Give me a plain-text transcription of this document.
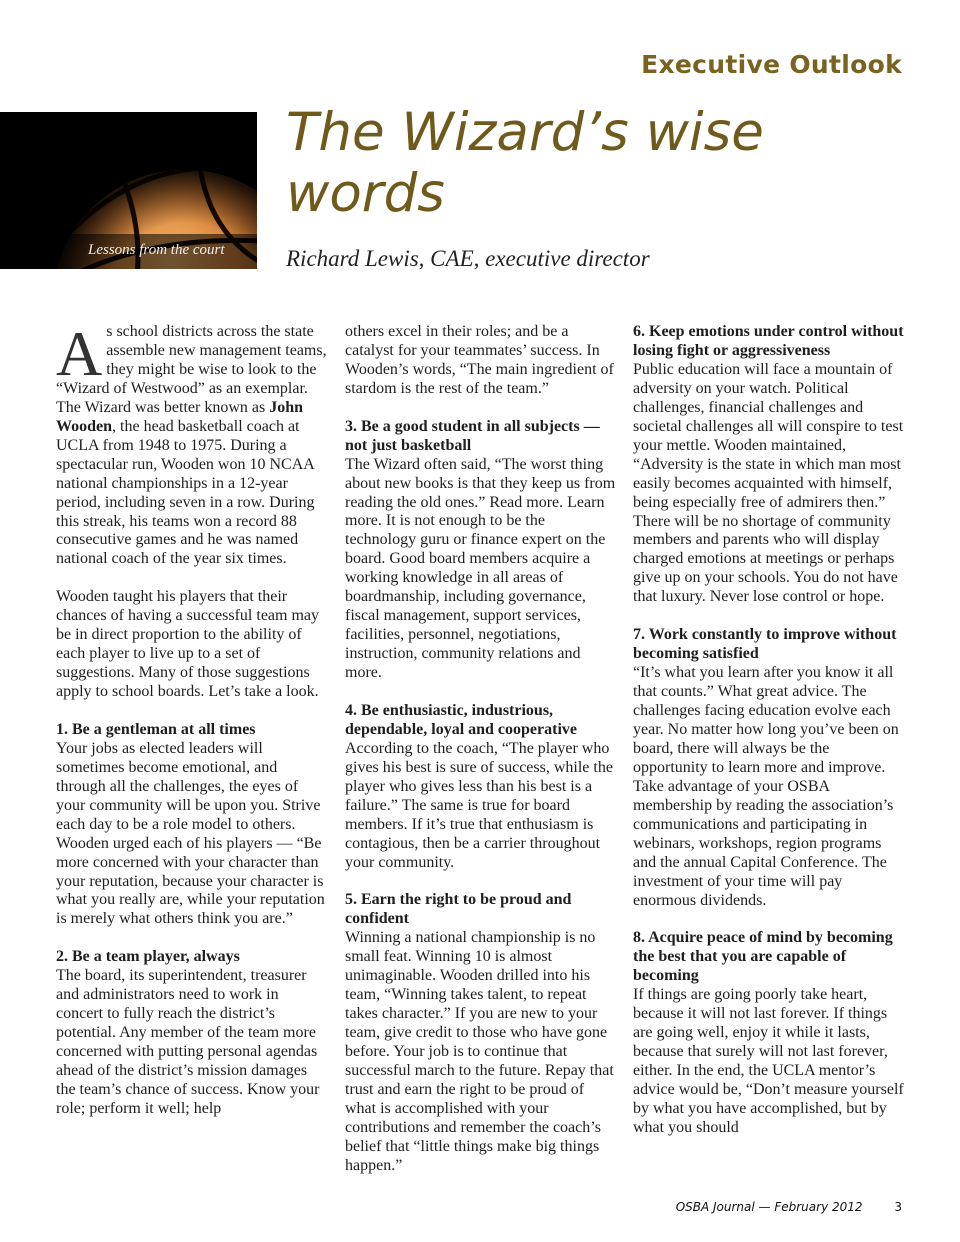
Executive Outlook
Lessons from the court
The Wizard’s wise words
Richard Lewis, CAE, executive director

As school districts across the state assemble new management teams, they might be wise to look to the “Wizard of Westwood” as an exemplar. The Wizard was better known as John Wooden, the head basketball coach at UCLA from 1948 to 1975. During a spectacular run, Wooden won 10 NCAA national championships in a 12-year period, including seven in a row. During this streak, his teams won a record 88 consecutive games and he was named national coach of the year six times.

Wooden taught his players that their chances of having a successful team may be in direct proportion to the ability of each player to live up to a set of suggestions. Many of those suggestions apply to school boards. Let’s take a look.

1. Be a gentleman at all times

Your jobs as elected leaders will sometimes become emotional, and through all the challenges, the eyes of your community will be upon you. Strive each day to be a role model to others. Wooden urged each of his players — “Be more concerned with your character than your reputation, because your character is what you really are, while your reputation is merely what others think you are.”

2. Be a team player, always

The board, its superintendent, treasurer and administrators need to work in concert to fully reach the district’s potential. Any member of the team more concerned with putting personal agendas ahead of the district’s mission damages the team’s chance of success. Know your role; perform it well; help

others excel in their roles; and be a catalyst for your teammates’ success. In Wooden’s words, “The main ingredient of stardom is the rest of the team.”

3. Be a good student in all subjects — not just basketball

The Wizard often said, “The worst thing about new books is that they keep us from reading the old ones.” Read more. Learn more. It is not enough to be the technology guru or finance expert on the board. Good board members acquire a working knowledge in all areas of boardmanship, including governance, fiscal management, support services, facilities, personnel, negotiations, instruction, community relations and more.

4. Be enthusiastic, industrious, dependable, loyal and cooperative

According to the coach, “The player who gives his best is sure of success, while the player who gives less than his best is a failure.” The same is true for board members. If it’s true that enthusiasm is contagious, then be a carrier throughout your community.

5. Earn the right to be proud and confident

Winning a national championship is no small feat. Winning 10 is almost unimaginable. Wooden drilled into his team, “Winning takes talent, to repeat takes character.” If you are new to your team, give credit to those who have gone before. Your job is to continue that successful march to the future. Repay that trust and earn the right to be proud of what is accomplished with your contributions and remember the coach’s belief that “little things make big things happen.”

6. Keep emotions under control without losing fight or aggressiveness

Public education will face a mountain of adversity on your watch. Political challenges, financial challenges and societal challenges all will conspire to test your mettle. Wooden maintained, “Adversity is the state in which man most easily becomes acquainted with himself, being especially free of admirers then.” There will be no shortage of community members and parents who will display charged emotions at meetings or perhaps give up on your schools. You do not have that luxury. Never lose control or hope.

7. Work constantly to improve without becoming satisfied

“It’s what you learn after you know it all that counts.” What great advice. The challenges facing education evolve each year. No matter how long you’ve been on board, there will always be the opportunity to learn more and improve. Take advantage of your OSBA membership by reading the association’s communications and participating in webinars, workshops, region programs and the annual Capital Conference. The investment of your time will pay enormous dividends.

8. Acquire peace of mind by becoming the best that you are capable of becoming

If things are going poorly take heart, because it will not last forever. If things are going well, enjoy it while it lasts, because that surely will not last forever, either. In the end, the UCLA mentor’s advice would be, “Don’t measure yourself by what you have accomplished, but by what you should

OSBA Journal — February 2012	3
